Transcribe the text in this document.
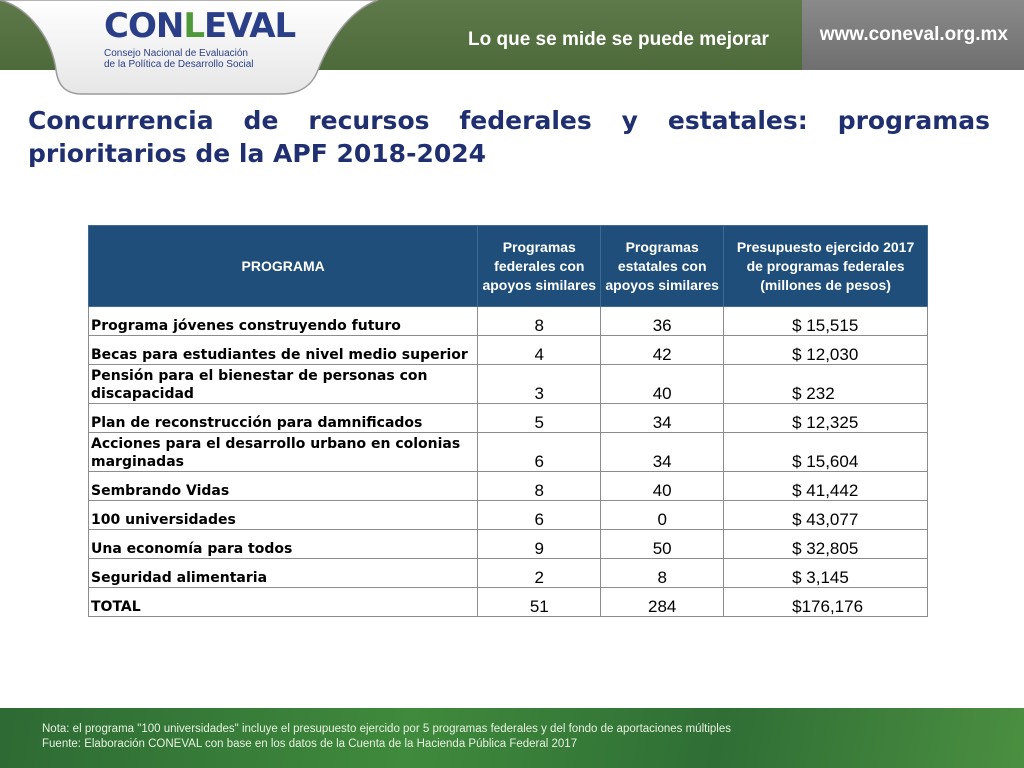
www.coneval.org.mx
Lo que se mide se puede mejorar
CONLEVAL
Consejo Nacional de Evaluación
de la Política de Desarrollo Social
Concurrencia de recursos federales y estatales: programas prioritarios de la APF 2018-2024
PROGRAMA	Programas federales con apoyos similares	Programas estatales con apoyos similares	Presupuesto ejercido 2017 de programas federales
(millones de pesos)

Programa jóvenes construyendo futuro	8	36	$ 15,515
Becas para estudiantes de nivel medio superior	4	42	$ 12,030
Pensión para el bienestar de personas con discapacidad	3	40	$ 232
Plan de reconstrucción para damnificados	5	34	$ 12,325
Acciones para el desarrollo urbano en colonias marginadas	6	34	$ 15,604
Sembrando Vidas	8	40	$ 41,442
100 universidades	6	0	$ 43,077
Una economía para todos	9	50	$ 32,805
Seguridad alimentaria	2	8	$ 3,145
TOTAL	51	284	$176,176
Nota: el programa "100 universidades" incluye el presupuesto ejercido por 5 programas federales y del fondo de aportaciones múltiples
Fuente: Elaboración CONEVAL con base en los datos de la Cuenta de la Hacienda Pública Federal 2017
